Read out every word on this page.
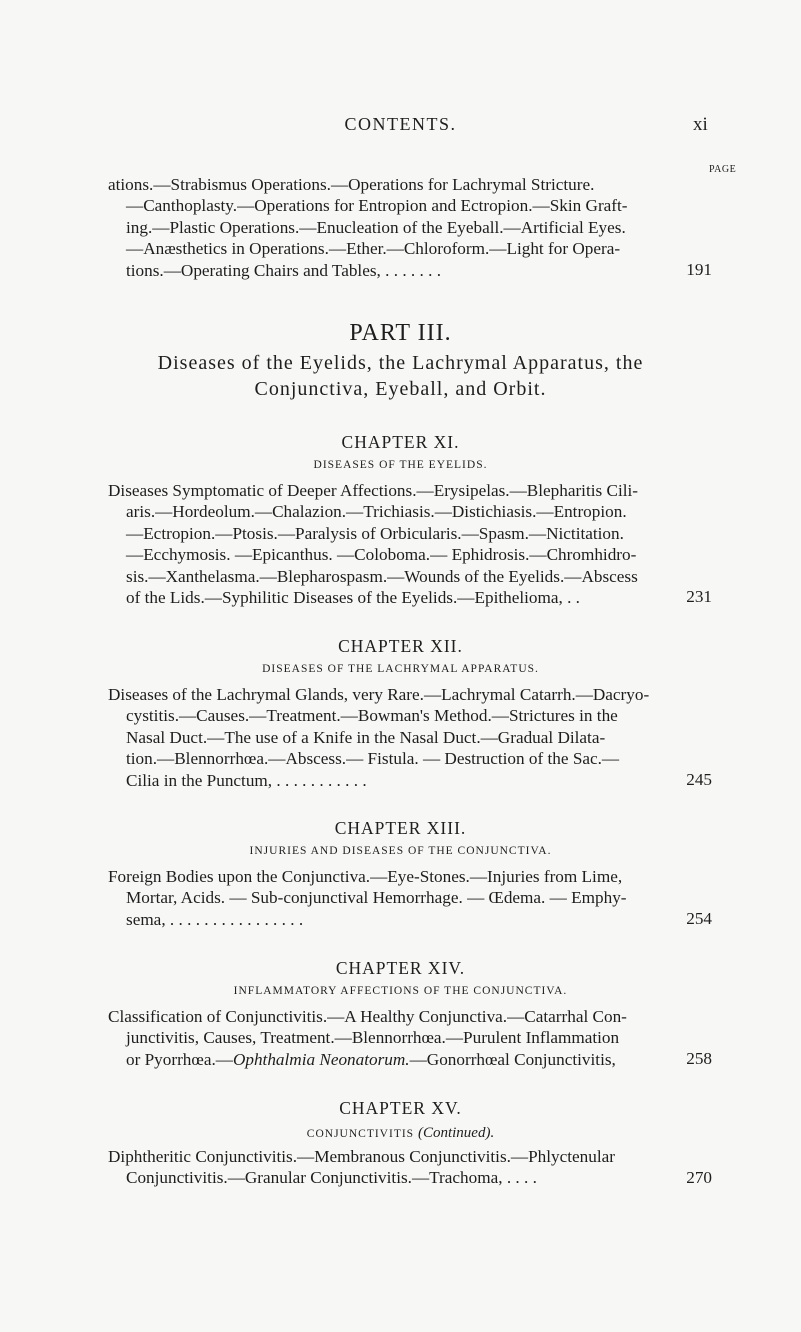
CONTENTS.	xi
PAGE
ations.—Strabismus Operations.—Operations for Lachrymal Stricture.
—Canthoplasty.—Operations for Entropion and Ectropion.—Skin Graft-
ing.—Plastic Operations.—Enucleation of the Eyeball.—Artificial Eyes.
—Anæsthetics in Operations.—Ether.—Chloroform.—Light for Opera-
tions.—Operating Chairs and Tables, . . . . . . .	191
PART III.
Diseases of the Eyelids, the Lachrymal Apparatus, the
Conjunctiva, Eyeball, and Orbit.
CHAPTER XI.
DISEASES OF THE EYELIDS.
Diseases Symptomatic of Deeper Affections.—Erysipelas.—Blepharitis Cili-
aris.—Hordeolum.—Chalazion.—Trichiasis.—Distichiasis.—Entropion.
—Ectropion.—Ptosis.—Paralysis of Orbicularis.—Spasm.—Nictitation.
—Ecchymosis. —Epicanthus. —Coloboma.— Ephidrosis.—Chromhidro-
sis.—Xanthelasma.—Blepharospasm.—Wounds of the Eyelids.—Abscess
of the Lids.—Syphilitic Diseases of the Eyelids.—Epithelioma, . .	231
CHAPTER XII.
DISEASES OF THE LACHRYMAL APPARATUS.
Diseases of the Lachrymal Glands, very Rare.—Lachrymal Catarrh.—Dacryo-
cystitis.—Causes.—Treatment.—Bowman's Method.—Strictures in the
Nasal Duct.—The use of a Knife in the Nasal Duct.—Gradual Dilata-
tion.—Blennorrhœa.—Abscess.— Fistula. — Destruction of the Sac.—
Cilia in the Punctum, . . . . . . . . . . .	245
CHAPTER XIII.
INJURIES AND DISEASES OF THE CONJUNCTIVA.
Foreign Bodies upon the Conjunctiva.—Eye-Stones.—Injuries from Lime,
Mortar, Acids. — Sub-conjunctival Hemorrhage. — Œdema. — Emphy-
sema, . . . . . . . . . . . . . . . .	254
CHAPTER XIV.
INFLAMMATORY AFFECTIONS OF THE CONJUNCTIVA.
Classification of Conjunctivitis.—A Healthy Conjunctiva.—Catarrhal Con-
junctivitis, Causes, Treatment.—Blennorrhœa.—Purulent Inflammation
or Pyorrhœa.—Ophthalmia Neonatorum.—Gonorrhœal Conjunctivitis,	258
CHAPTER XV.
CONJUNCTIVITIS (Continued).
Diphtheritic Conjunctivitis.—Membranous Conjunctivitis.—Phlyctenular
Conjunctivitis.—Granular Conjunctivitis.—Trachoma, . . . .	270
